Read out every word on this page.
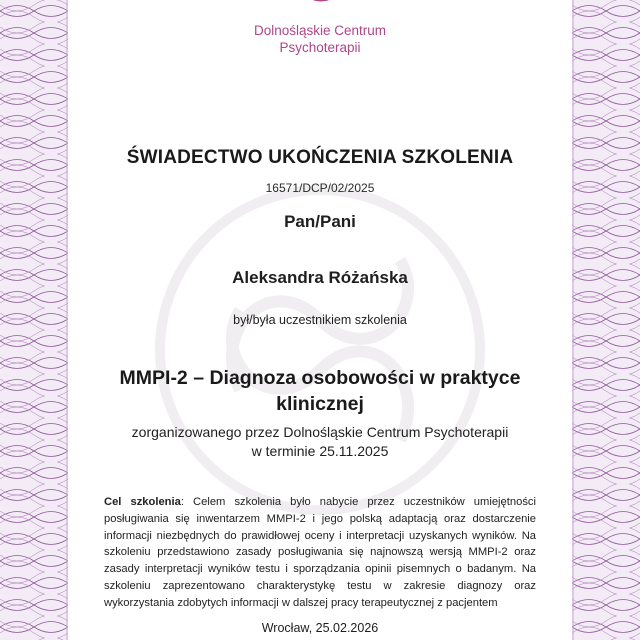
Dolnośląskie Centrum
Psychoterapii
ŚWIADECTWO UKOŃCZENIA SZKOLENIA
16571/DCP/02/2025
Pan/Pani
Aleksandra Różańska
był/była uczestnikiem szkolenia
MMPI-2 – Diagnoza osobowości w praktyce
klinicznej
zorganizowanego przez Dolnośląskie Centrum Psychoterapii
w terminie 25.11.2025
Cel szkolenia: Celem szkolenia było nabycie przez uczestników umiejętności posługiwania się inwentarzem MMPI-2 i jego polską adaptacją oraz dostarczenie informacji niezbędnych do prawidłowej oceny i interpretacji uzyskanych wyników. Na szkoleniu przedstawiono zasady posługiwania się najnowszą wersją MMPI-2 oraz zasady interpretacji wyników testu i sporządzania opinii pisemnych o badanym. Na szkoleniu zaprezentowano charakterystykę testu w zakresie diagnozy oraz wykorzystania zdobytych informacji w dalszej pracy terapeutycznej z pacjentem
Wrocław, 25.02.2026
